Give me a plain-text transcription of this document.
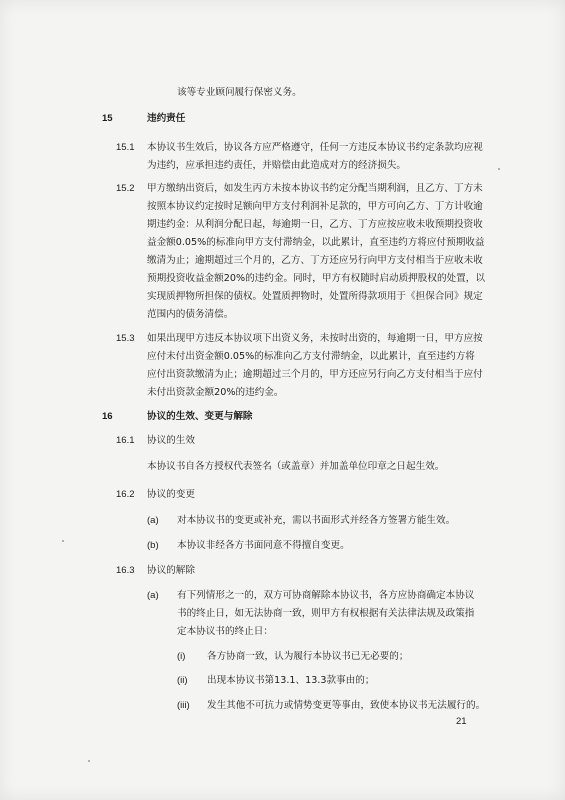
该等专业顾问履行保密义务。
15	违约责任
15.1 本协议书生效后，协议各方应严格遵守，任何一方违反本协议书约定条款均应视
为违约，应承担违约责任，并赔偿由此造成对方的经济损失。
15.2 甲方缴纳出资后，如发生丙方未按本协议书约定分配当期利润，且乙方、丁方未
按照本协议约定按时足额向甲方支付利润补足款的，甲方可向乙方、丁方计收逾
期违约金：从利润分配日起，每逾期一日，乙方、丁方应按应收未收预期投资收
益金额0.05%的标准向甲方支付滞纳金，以此累计，直至违约方将应付预期收益
缴清为止；逾期超过三个月的，乙方、丁方还应另行向甲方支付相当于应收未收
预期投资收益金额20%的违约金。同时，甲方有权随时启动质押股权的处置，以
实现质押物所担保的债权。处置质押物时，处置所得款项用于《担保合同》规定
范围内的债务清偿。
15.3 如果出现甲方违反本协议项下出资义务，未按时出资的，每逾期一日，甲方应按
应付未付出资金额0.05%的标准向乙方支付滞纳金，以此累计，直至违约方将
应付出资款缴清为止；逾期超过三个月的，甲方还应另行向乙方支付相当于应付
未付出资款金额20%的违约金。
16	协议的生效、变更与解除
16.1 协议的生效
本协议书自各方授权代表签名（或盖章）并加盖单位印章之日起生效。
16.2 协议的变更
(a) 对本协议书的变更或补充，需以书面形式并经各方签署方能生效。
(b) 本协议非经各方书面同意不得擅自变更。
16.3 协议的解除
(a) 有下列情形之一的，双方可协商解除本协议书，各方应协商确定本协议
书的终止日，如无法协商一致，则甲方有权根据有关法律法规及政策指
定本协议书的终止日：
(i) 各方协商一致，认为履行本协议书已无必要的；
(ii) 出现本协议书第13.1、13.3款事由的；
(iii) 发生其他不可抗力或情势变更等事由，致使本协议书无法履行的。
21
